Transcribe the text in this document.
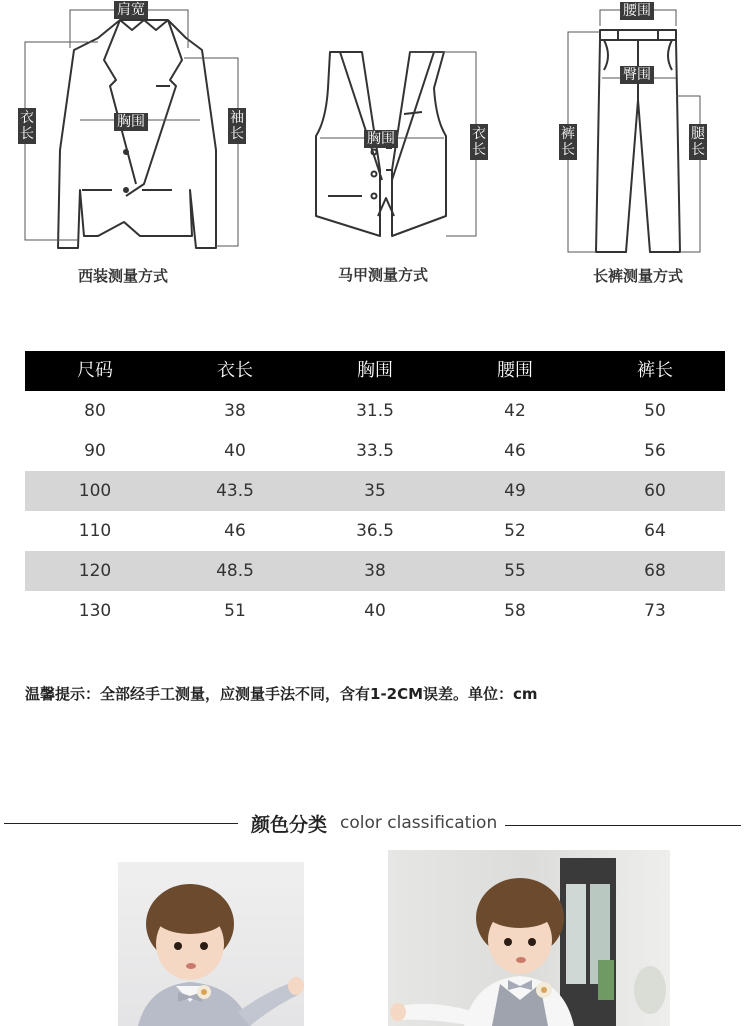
肩宽
衣长
胸围	袖长
西装测量方式
胸围	衣长
马甲测量方式
腰围
臀围
裤长
腿长
长裤测量方式
尺码	衣长	胸围	腰围	裤长
80	38	31.5	42	50
90	40	33.5	46	56
100	43.5	35	49	60
110	46	36.5	52	64
120	48.5	38	55	68
130	51	40	58	73
温馨提示：全部经手工测量，应测量手法不同，含有1-2CM误差。单位：cm
颜色分类 color classification
